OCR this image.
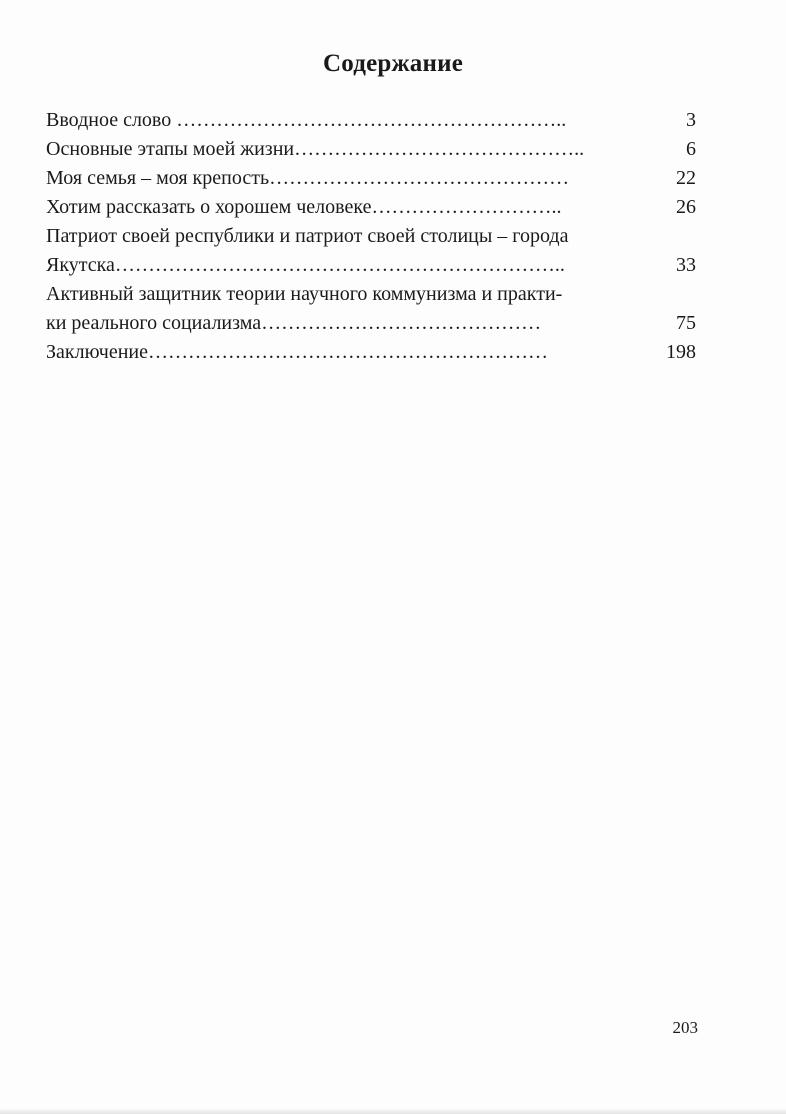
Содержание
Вводное слово …………………………………………………..	3
Основные этапы моей жизни……………………………………..	6
Моя семья – моя крепость………………………………………	22
Хотим рассказать о хорошем человеке………………………..	26
Патриот своей республики и патриот своей столицы – города
Якутска…………………………………………………………..	33
Активный защитник теории научного коммунизма и практи-
ки реального социализма……………………………………	75
Заключение……………………………………………………	198
203
